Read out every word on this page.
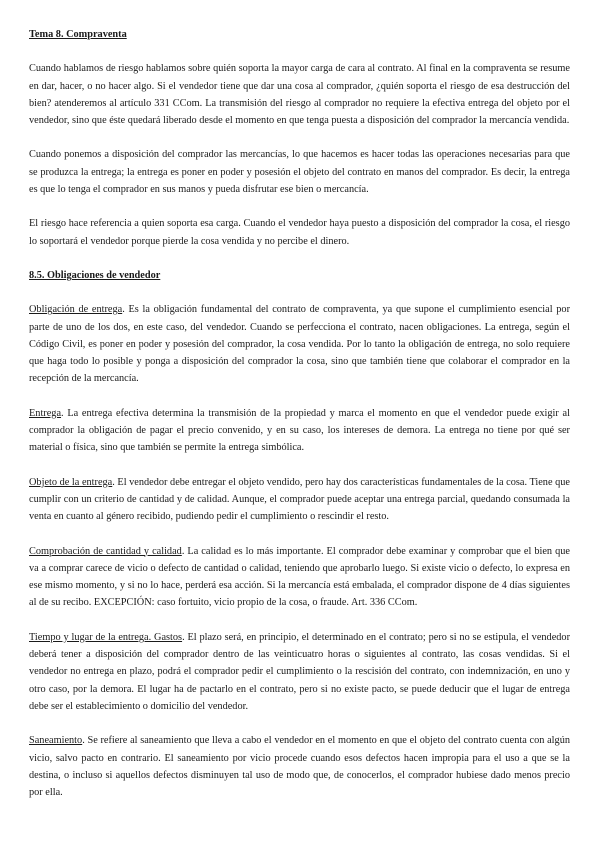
Tema 8. Compraventa

Cuando hablamos de riesgo hablamos sobre quién soporta la mayor carga de cara al contrato. Al final en la compraventa se resume en dar, hacer, o no hacer algo. Si el vendedor tiene que dar una cosa al comprador, ¿quién soporta el riesgo de esa destrucción del bien? atenderemos al artículo 331 CCom. La transmisión del riesgo al comprador no requiere la efectiva entrega del objeto por el vendedor, sino que éste quedará liberado desde el momento en que tenga puesta a disposición del comprador la mercancía vendida.

Cuando ponemos a disposición del comprador las mercancías, lo que hacemos es hacer todas las operaciones necesarias para que se produzca la entrega; la entrega es poner en poder y posesión el objeto del contrato en manos del comprador. Es decir, la entrega es que lo tenga el comprador en sus manos y pueda disfrutar ese bien o mercancía.

El riesgo hace referencia a quien soporta esa carga. Cuando el vendedor haya puesto a disposición del comprador la cosa, el riesgo lo soportará el vendedor porque pierde la cosa vendida y no percibe el dinero.

8.5. Obligaciones de vendedor

Obligación de entrega. Es la obligación fundamental del contrato de compraventa, ya que supone el cumplimiento esencial por parte de uno de los dos, en este caso, del vendedor. Cuando se perfecciona el contrato, nacen obligaciones. La entrega, según el Código Civil, es poner en poder y posesión del comprador, la cosa vendida. Por lo tanto la obligación de entrega, no solo requiere que haga todo lo posible y ponga a disposición del comprador la cosa, sino que también tiene que colaborar el comprador en la recepción de la mercancía.

Entrega. La entrega efectiva determina la transmisión de la propiedad y marca el momento en que el vendedor puede exigir al comprador la obligación de pagar el precio convenido, y en su caso, los intereses de demora. La entrega no tiene por qué ser material o física, sino que también se permite la entrega simbólica.

Objeto de la entrega. El vendedor debe entregar el objeto vendido, pero hay dos características fundamentales de la cosa. Tiene que cumplir con un criterio de cantidad y de calidad. Aunque, el comprador puede aceptar una entrega parcial, quedando consumada la venta en cuanto al género recibido, pudiendo pedir el cumplimiento o rescindir el resto.

Comprobación de cantidad y calidad. La calidad es lo más importante. El comprador debe examinar y comprobar que el bien que va a comprar carece de vicio o defecto de cantidad o calidad, teniendo que aprobarlo luego. Si existe vicio o defecto, lo expresa en ese mismo momento, y si no lo hace, perderá esa acción. Si la mercancía está embalada, el comprador dispone de 4 días siguientes al de su recibo. EXCEPCIÓN: caso fortuito, vicio propio de la cosa, o fraude. Art. 336 CCom.

Tiempo y lugar de la entrega. Gastos. El plazo será, en principio, el determinado en el contrato; pero si no se estipula, el vendedor deberá tener a disposición del comprador dentro de las veinticuatro horas o siguientes al contrato, las cosas vendidas. Si el vendedor no entrega en plazo, podrá el comprador pedir el cumplimiento o la rescisión del contrato, con indemnización, en uno y otro caso, por la demora. El lugar ha de pactarlo en el contrato, pero si no existe pacto, se puede deducir que el lugar de entrega debe ser el establecimiento o domicilio del vendedor.

Saneamiento. Se refiere al saneamiento que lleva a cabo el vendedor en el momento en que el objeto del contrato cuenta con algún vicio, salvo pacto en contrario. El saneamiento por vicio procede cuando esos defectos hacen impropia para el uso a que se la destina, o incluso si aquellos defectos disminuyen tal uso de modo que, de conocerlos, el comprador hubiese dado menos precio por ella.
